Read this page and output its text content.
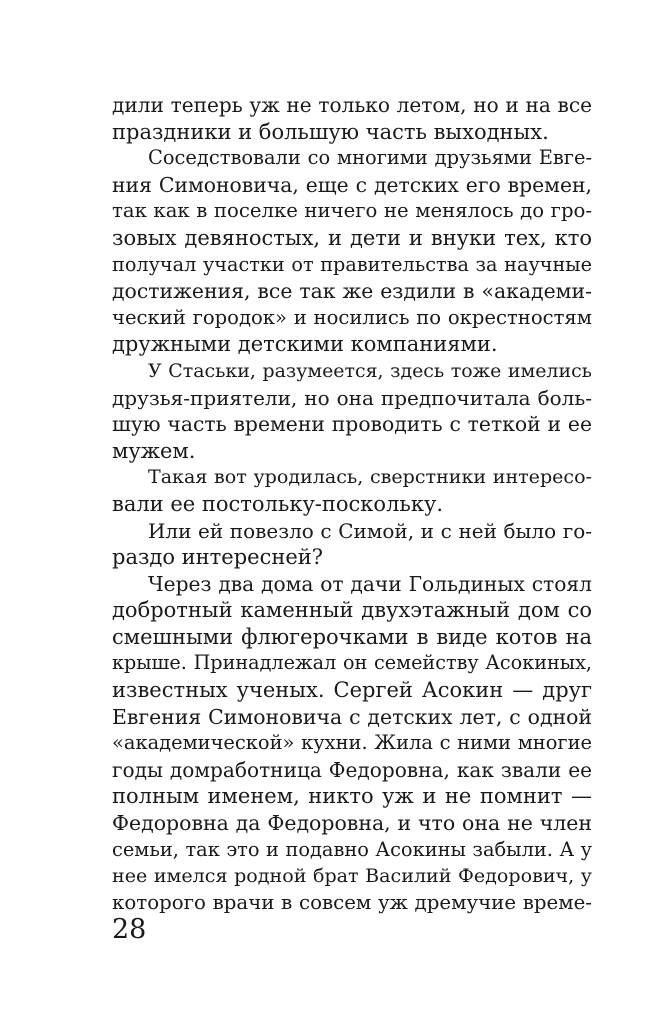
дили теперь уж не только летом, но и на все
праздники и большую часть выходных.
Соседствовали со многими друзьями Евге-
ния Симоновича, еще с детских его времен,
так как в поселке ничего не менялось до гро-
зовых девяностых, и дети и внуки тех, кто
получал участки от правительства за научные
достижения, все так же ездили в «академи-
ческий городок» и носились по окрестностям
дружными детскими компаниями.
У Стаськи, разумеется, здесь тоже имелись
друзья-приятели, но она предпочитала боль-
шую часть времени проводить с теткой и ее
мужем.
Такая вот уродилась, сверстники интересо-
вали ее постольку-поскольку.
Или ей повезло с Симой, и с ней было го-
раздо интересней?
Через два дома от дачи Гольдиных стоял
добротный каменный двухэтажный дом со
смешными флюгерочками в виде котов на
крыше. Принадлежал он семейству Асокиных,
известных ученых. Сергей Асокин — друг
Евгения Симоновича с детских лет, с одной
«академической» кухни. Жила с ними многие
годы домработница Федоровна, как звали ее
полным именем, никто уж и не помнит —
Федоровна да Федоровна, и что она не член
семьи, так это и подавно Асокины забыли. А у
нее имелся родной брат Василий Федорович, у
которого врачи в совсем уж дремучие време-
28
